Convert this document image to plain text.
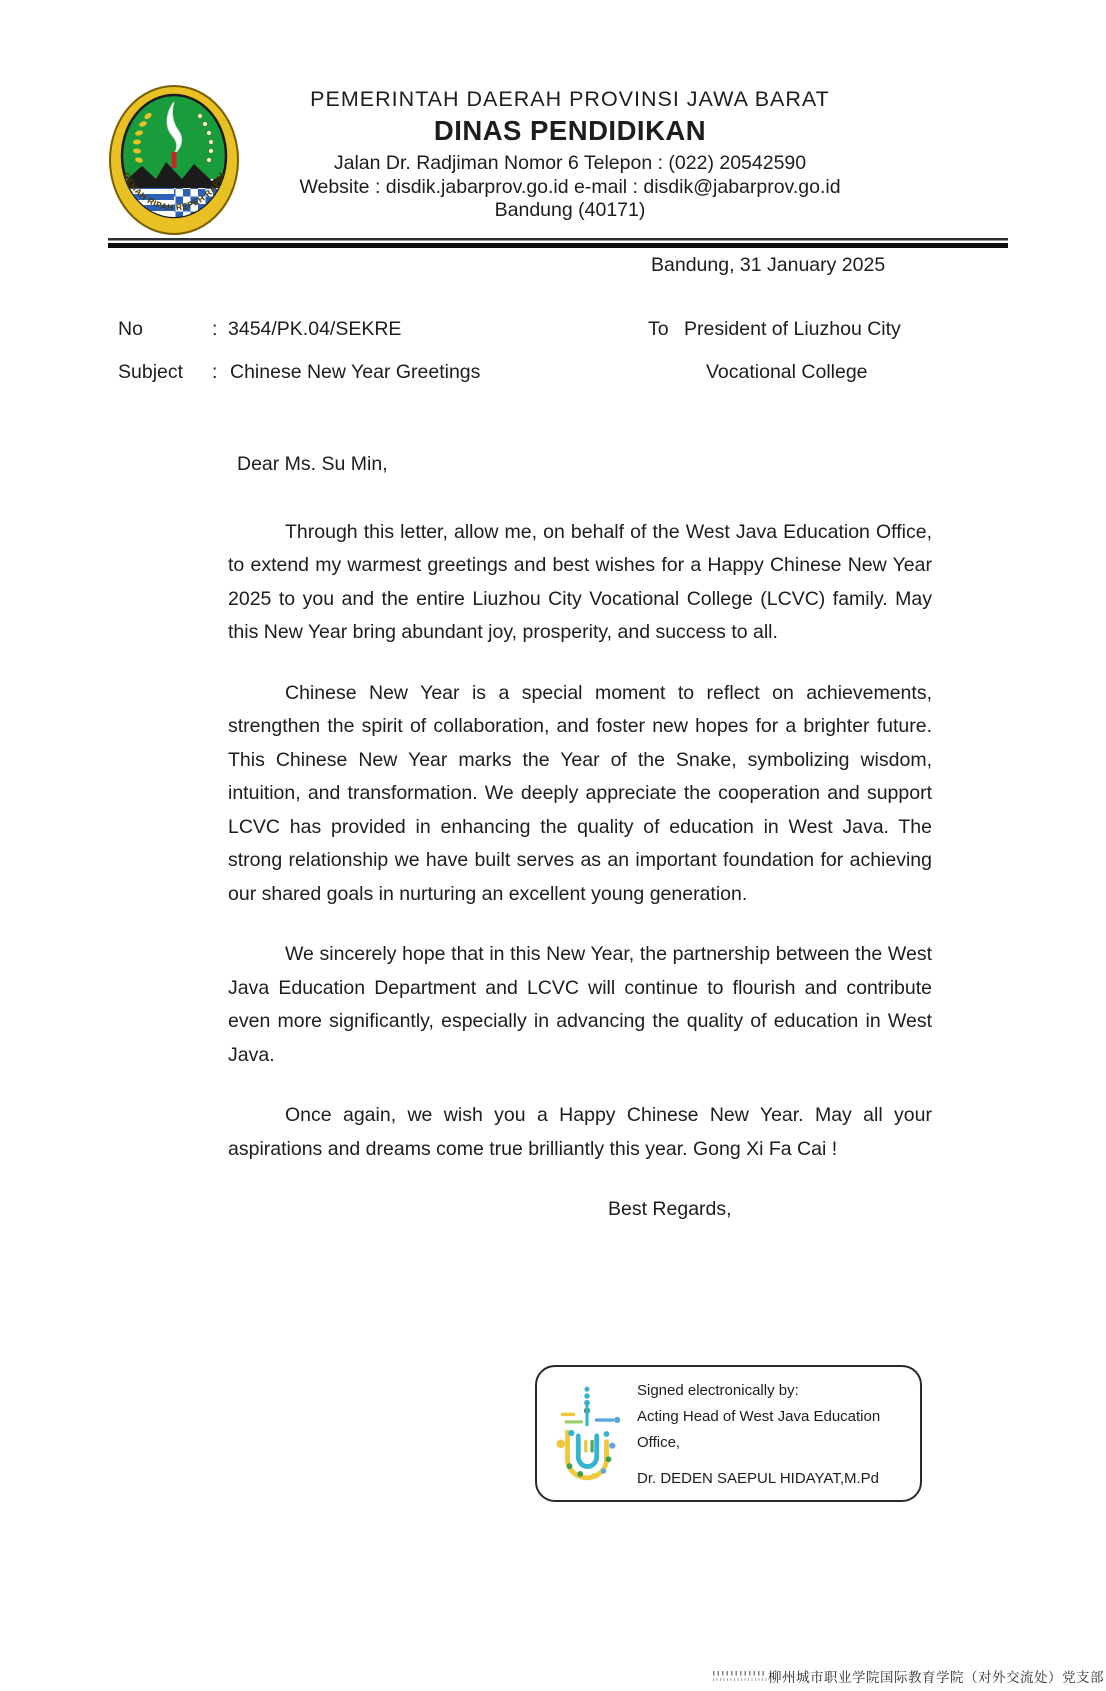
GEMAH RIPAH REPEH RAPIH
PEMERINTAH DAERAH PROVINSI JAWA BARAT
DINAS PENDIDIKAN
Jalan Dr. Radjiman Nomor 6 Telepon : (022) 20542590
Website : disdik.jabarprov.go.id e-mail : disdik@jabarprov.go.id
Bandung (40171)
Bandung, 31 January 2025
No	: 3454/PK.04/SEKRE	To President of Liuzhou City
Subject : Chinese New Year Greetings	Vocational College
Dear Ms. Su Min,

Through this letter, allow me, on behalf of the West Java Education Office, to extend my warmest greetings and best wishes for a Happy Chinese New Year 2025 to you and the entire Liuzhou City Vocational College (LCVC) family. May this New Year bring abundant joy, prosperity, and success to all.

Chinese New Year is a special moment to reflect on achievements, strengthen the spirit of collaboration, and foster new hopes for a brighter future. This Chinese New Year marks the Year of the Snake, symbolizing wisdom, intuition, and transformation. We deeply appreciate the cooperation and support LCVC has provided in enhancing the quality of education in West Java. The strong relationship we have built serves as an important foundation for achieving our shared goals in nurturing an excellent young generation.

We sincerely hope that in this New Year, the partnership between the West Java Education Department and LCVC will continue to flourish and contribute even more significantly, especially in advancing the quality of education in West Java.

Once again, we wish you a Happy Chinese New Year. May all your aspirations and dreams come true brilliantly this year. Gong Xi Fa Cai !

Best Regards,
Signed electronically by:
Acting Head of West Java Education Office,
Dr. DEDEN SAEPUL HIDAYAT,M.Pd
柳州城市职业学院国际教育学院（对外交流处）党支部
